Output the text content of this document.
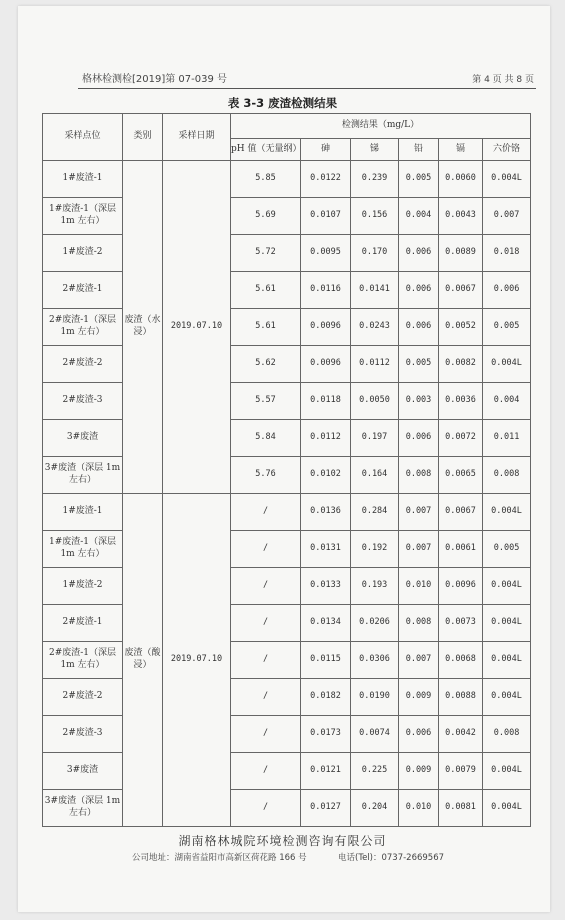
格林检测检[2019]第 07-039 号	第 4 页 共 8 页
表 3-3 废渣检测结果
采样点位	类别	采样日期	检测结果（mg/L）					
			pH 值（无量纲）	砷	锑	铅	镉	六价铬
1#废渣-1	废渣（水浸）	2019.07.10	5.85	0.0122	0.239	0.005	0.0060	0.004L
1#废渣-1（深层 1m 左右）			5.69	0.0107	0.156	0.004	0.0043	0.007
1#废渣-2			5.72	0.0095	0.170	0.006	0.0089	0.018
2#废渣-1			5.61	0.0116	0.0141	0.006	0.0067	0.006
2#废渣-1（深层 1m 左右）			5.61	0.0096	0.0243	0.006	0.0052	0.005
2#废渣-2			5.62	0.0096	0.0112	0.005	0.0082	0.004L
2#废渣-3			5.57	0.0118	0.0050	0.003	0.0036	0.004
3#废渣			5.84	0.0112	0.197	0.006	0.0072	0.011
3#废渣（深层 1m 左右）			5.76	0.0102	0.164	0.008	0.0065	0.008
1#废渣-1	废渣（酸浸）	2019.07.10	/	0.0136	0.284	0.007	0.0067	0.004L
1#废渣-1（深层 1m 左右）			/	0.0131	0.192	0.007	0.0061	0.005
1#废渣-2			/	0.0133	0.193	0.010	0.0096	0.004L
2#废渣-1			/	0.0134	0.0206	0.008	0.0073	0.004L
2#废渣-1（深层 1m 左右）			/	0.0115	0.0306	0.007	0.0068	0.004L
2#废渣-2			/	0.0182	0.0190	0.009	0.0088	0.004L
2#废渣-3			/	0.0173	0.0074	0.006	0.0042	0.008
3#废渣			/	0.0121	0.225	0.009	0.0079	0.004L
3#废渣（深层 1m 左右）			/	0.0127	0.204	0.010	0.0081	0.004L
湖南格林城院环境检测咨询有限公司
公司地址：湖南省益阳市高新区荷花路 166 号	电话(Tel)：0737-2669567
